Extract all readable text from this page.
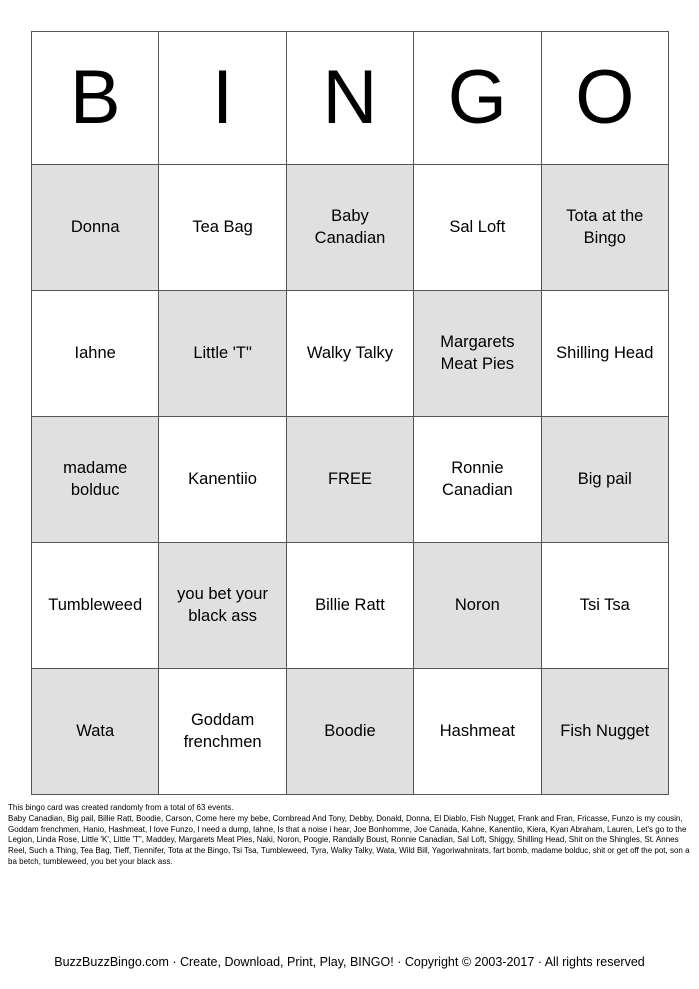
B	I	N	G	O

Donna	Tea Bag	Baby Canadian	Sal Loft	Tota at the Bingo

Iahne	Little 'T"	Walky Talky	Margarets Meat Pies	Shilling Head

madame bolduc	Kanentiio	FREE	Ronnie Canadian	Big pail

Tumbleweed	you bet your black ass	Billie Ratt	Noron	Tsi Tsa

Wata	Goddam frenchmen	Boodie	Hashmeat	Fish Nugget
This bingo card was created randomly from a total of 63 events.
Baby Canadian, Big pail, Billie Ratt, Boodie, Carson, Come here my bebe, Cornbread And Tony, Debby, Donald, Donna, El Diablo, Fish Nugget, Frank and Fran, Fricasse, Funzo is my cousin, Goddam frenchmen, Hanio, Hashmeat, I love Funzo, I need a dump, Iahne, Is that a noise i hear, Joe Bonhomme, Joe Canada, Kahne, Kanentiio, Kiera, Kyan Abraham, Lauren, Let's go to the Legion, Linda Rose, Little 'K', Little 'T", Maddey, Margarets Meat Pies, Naki, Noron, Poogie, Randally Boust, Ronnie Canadian, Sal Loft, Shiggy, Shilling Head, Shit on the Shingles, St. Annes Reel, Such a Thing, Tea Bag, Tieff, Tiennifer, Tota at the Bingo, Tsi Tsa, Tumbleweed, Tyra, Walky Talky, Wata, Wild Bill, Yagoriwahnirats, fart bomb, madame bolduc, shit or get off the pot, son a ba betch, tumbleweed, you bet your black ass.
BuzzBuzzBingo.com · Create, Download, Print, Play, BINGO! · Copyright © 2003-2017 · All rights reserved
